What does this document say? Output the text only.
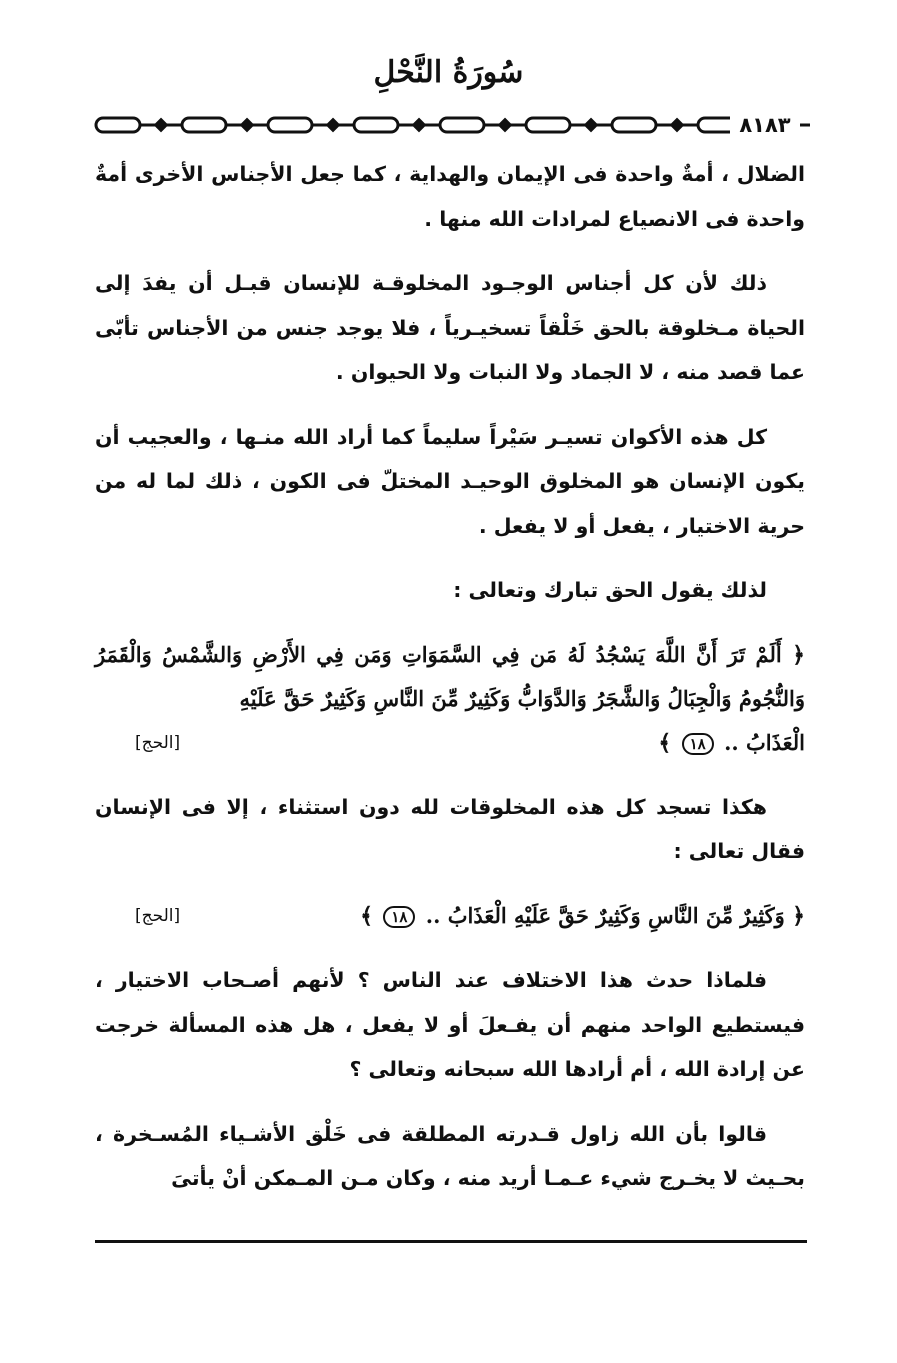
سُورَةُ النَّحْلِ
٨١٨٣

الضلال ، أمةٌ واحدة فى الإيمان والهداية ، كما جعل الأجناس الأخرى أمةٌ واحدة فى الانصياع لمرادات الله منها .

ذلك لأن كل أجناس الوجـود المخلوقـة للإنسان قبـل أن يفدَ إلى الحياة مـخلوقة بالحق خَلْقاً تسخيـرياً ، فلا يوجد جنس من الأجناس تأبّى عما قصد منه ، لا الجماد ولا النبات ولا الحيوان .

كل هذه الأكوان تسيـر سَيْراً سليماً كما أراد الله منـها ، والعجيب أن يكون الإنسان هو المخلوق الوحيـد المختلّ فى الكون ، ذلك لما له من حرية الاختيار ، يفعل أو لا يفعل .

لذلك يقول الحق تبارك وتعالى :

﴿ أَلَمْ تَرَ أَنَّ اللَّهَ يَسْجُدُ لَهُ مَن فِي السَّمَوَاتِ وَمَن فِي الأَرْضِ وَالشَّمْسُ وَالْقَمَرُ وَالنُّجُومُ وَالْجِبَالُ وَالشَّجَرُ وَالدَّوَابُّ وَكَثِيرٌ مِّنَ النَّاسِ وَكَثِيرٌ حَقَّ عَلَيْهِ
الْعَذَابُ .. ١٨ ﴾
[الحج]

هكذا تسجد كل هذه المخلوقات لله دون استثناء ، إلا فى الإنسان فقال تعالى :

﴿ وَكَثِيرٌ مِّنَ النَّاسِ وَكَثِيرٌ حَقَّ عَلَيْهِ الْعَذَابُ .. ١٨ ﴾
[الحج]

فلماذا حدث هذا الاختلاف عند الناس ؟ لأنهم أصـحاب الاختيار ، فيستطيع الواحد منهم أن يفـعلَ أو لا يفعل ، هل هذه المسألة خرجت عن إرادة الله ، أم أرادها الله سبحانه وتعالى ؟

قالوا بأن الله زاول قـدرته المطلقة فى خَلْق الأشـياء المُسـخرة ، بحـيث لا يخـرج شيء عـمـا أريد منه ، وكان مـن المـمكن أنْ يأتىَ
